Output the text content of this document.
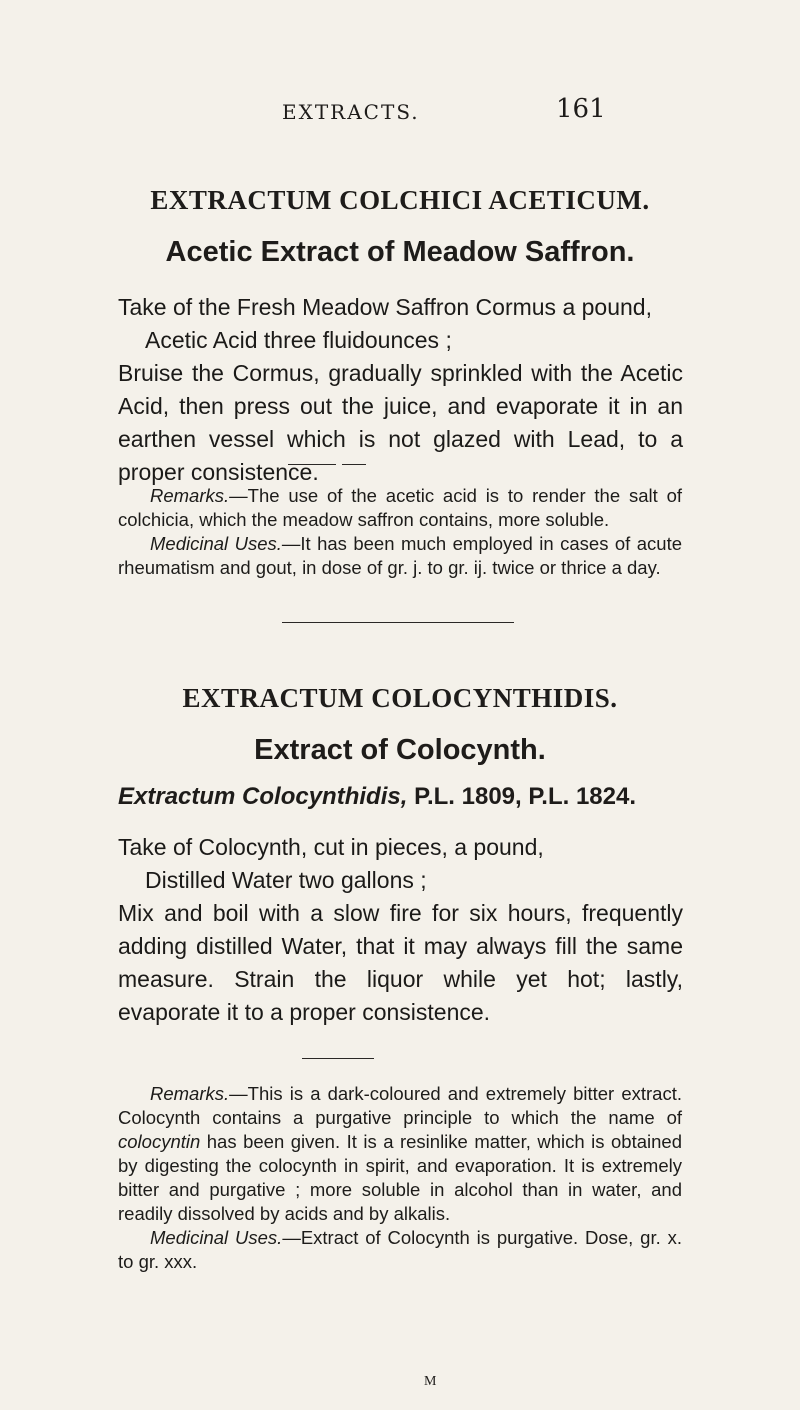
EXTRACTS.	161
EXTRACTUM COLCHICI ACETICUM.
Acetic Extract of Meadow Saffron.
Take of the Fresh Meadow Saffron Cormus a pound,
Acetic Acid three fluidounces ;
Bruise the Cormus, gradually sprinkled with the Acetic Acid, then press out the juice, and evaporate it in an earthen vessel which is not glazed with Lead, to a proper consistence.

Remarks.—The use of the acetic acid is to render the salt of colchicia, which the meadow saffron contains, more soluble.

Medicinal Uses.—It has been much employed in cases of acute rheumatism and gout, in dose of gr. j. to gr. ij. twice or thrice a day.

EXTRACTUM COLOCYNTHIDIS.
Extract of Colocynth.
Extractum Colocynthidis, P.L. 1809, P.L. 1824.
Take of Colocynth, cut in pieces, a pound,
Distilled Water two gallons ;
Mix and boil with a slow fire for six hours, frequently adding distilled Water, that it may always fill the same measure. Strain the liquor while yet hot; lastly, evaporate it to a proper consistence.

Remarks.—This is a dark-coloured and extremely bitter extract. Colocynth contains a purgative principle to which the name of colocyntin has been given. It is a resinlike matter, which is obtained by digesting the colocynth in spirit, and evaporation. It is extremely bitter and purgative ; more soluble in alcohol than in water, and readily dissolved by acids and by alkalis.

Medicinal Uses.—Extract of Colocynth is purgative. Dose, gr. x. to gr. xxx.

M
